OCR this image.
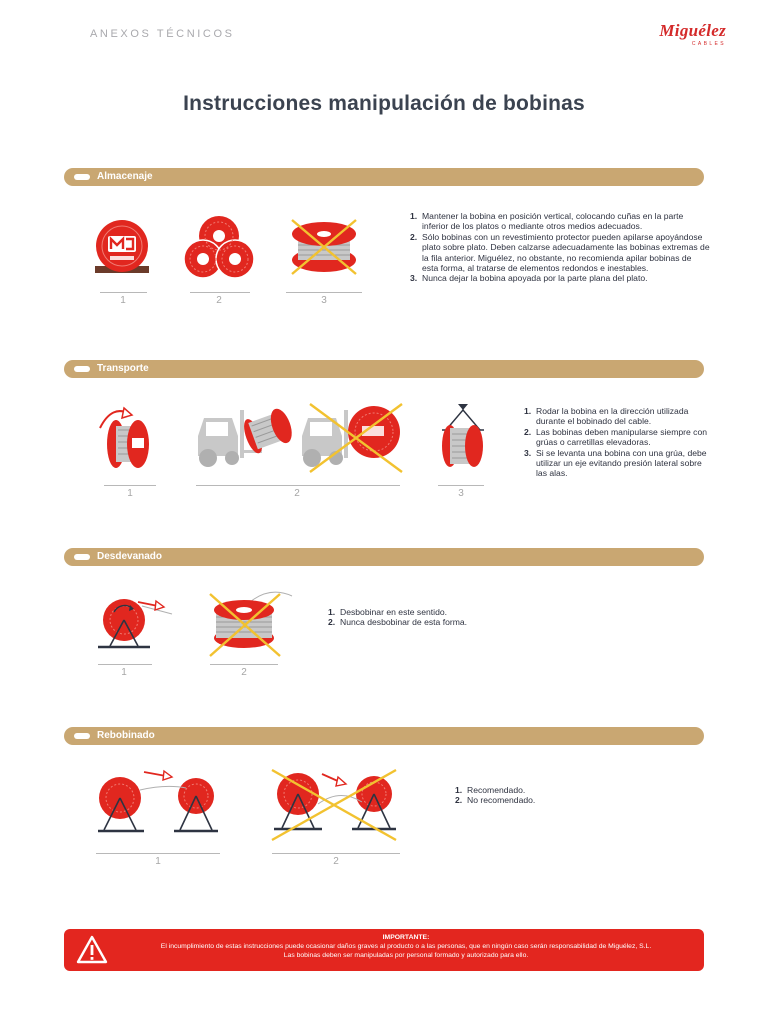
ANEXOS TÉCNICOS	Miguélez
CABLES
Instrucciones manipulación de bobinas
Almacenaje
1	2	3
1. Mantener la bobina en posición vertical, colocando cuñas en la parte inferior de los platos o mediante otros medios adecuados.
2. Sólo bobinas con un revestimiento protector pueden apilarse apoyándose plato sobre plato. Deben calzarse adecuadamente las bobinas extremas de la fila anterior. Miguélez, no obstante, no recomienda apilar bobinas de esta forma, al tratarse de elementos redondos e inestables.
3. Nunca dejar la bobina apoyada por la parte plana del plato.
Transporte
1	2	3
1. Rodar la bobina en la dirección utilizada durante el bobinado del cable.
2. Las bobinas deben manipularse siempre con grúas o carretillas elevadoras.
3. Si se levanta una bobina con una grúa, debe utilizar un eje evitando presión lateral sobre las alas.
Desdevanado
1	2
1. Desbobinar en este sentido.
2. Nunca desbobinar de esta forma.
Rebobinado
1	2
1. Recomendado.
2. No recomendado.
IMPORTANTE:
El incumplimiento de estas instrucciones puede ocasionar daños graves al producto o a las personas, que en ningún caso serán responsabilidad de Miguélez, S.L.
Las bobinas deben ser manipuladas por personal formado y autorizado para ello.
